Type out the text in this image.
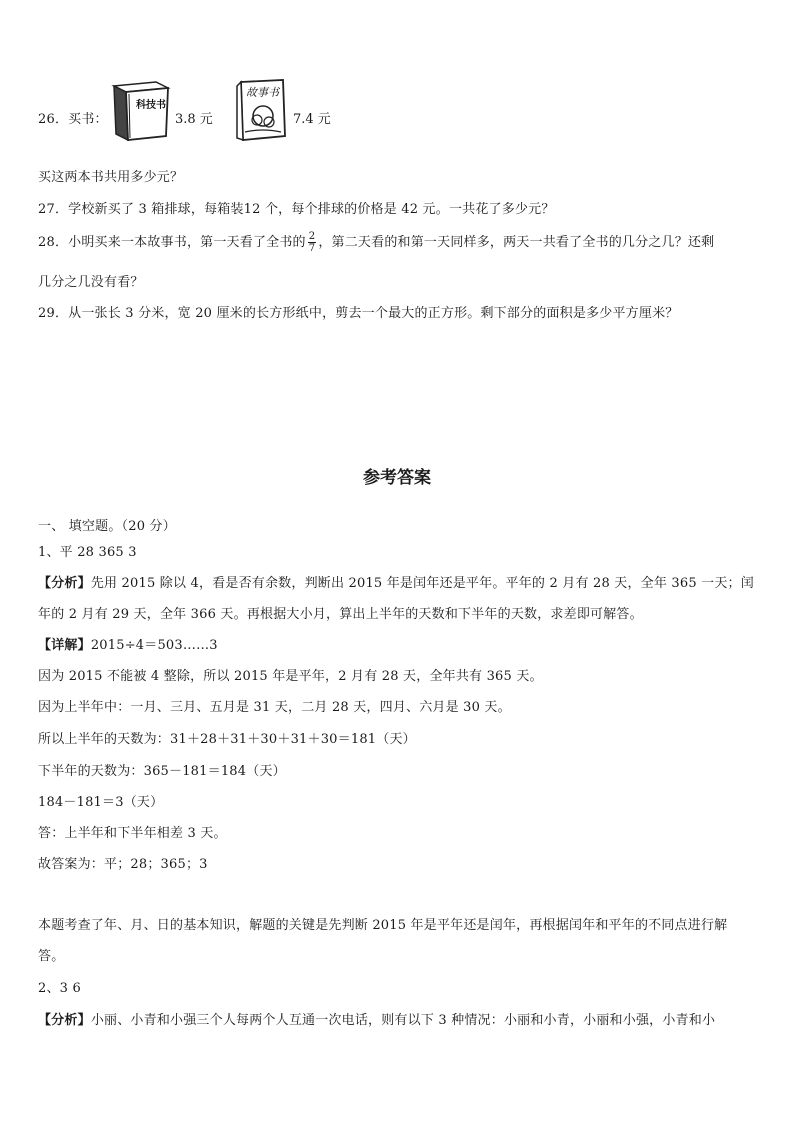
26．买书：
科技书
3.8 元
故事书
7.4 元
买这两本书共用多少元？
27．学校新买了 3 箱排球，每箱装12 个，每个排球的价格是 42 元。一共花了多少元？
28．小明买来一本故事书，第一天看了全书的 $\frac{2}{7}$ ，第二天看的和第一天同样多，两天一共看了全书的几分之几？还剩
几分之几没有看？
29．从一张长 3 分米，宽 20 厘米的长方形纸中，剪去一个最大的正方形。剩下部分的面积是多少平方厘米？
参考答案
一、 填空题。（20 分）
1、平 28 365 3
【分析】先用 2015 除以 4，看是否有余数，判断出 2015 年是闰年还是平年。平年的 2 月有 28 天，全年 365 一天；闰
年的 2 月有 29 天，全年 366 天。再根据大小月，算出上半年的天数和下半年的天数，求差即可解答。
【详解】2015÷4＝503……3
因为 2015 不能被 4 整除，所以 2015 年是平年，2 月有 28 天，全年共有 365 天。
因为上半年中：一月、三月、五月是 31 天，二月 28 天，四月、六月是 30 天。
所以上半年的天数为：31＋28＋31＋30＋31＋30＝181（天）
下半年的天数为：365－181＝184（天）
184－181＝3（天）
答：上半年和下半年相差 3 天。
故答案为：平；28；365；3
本题考查了年、月、日的基本知识，解题的关键是先判断 2015 年是平年还是闰年，再根据闰年和平年的不同点进行解
答。
2、3 6
【分析】小丽、小青和小强三个人每两个人互通一次电话，则有以下 3 种情况：小丽和小青，小丽和小强，小青和小
